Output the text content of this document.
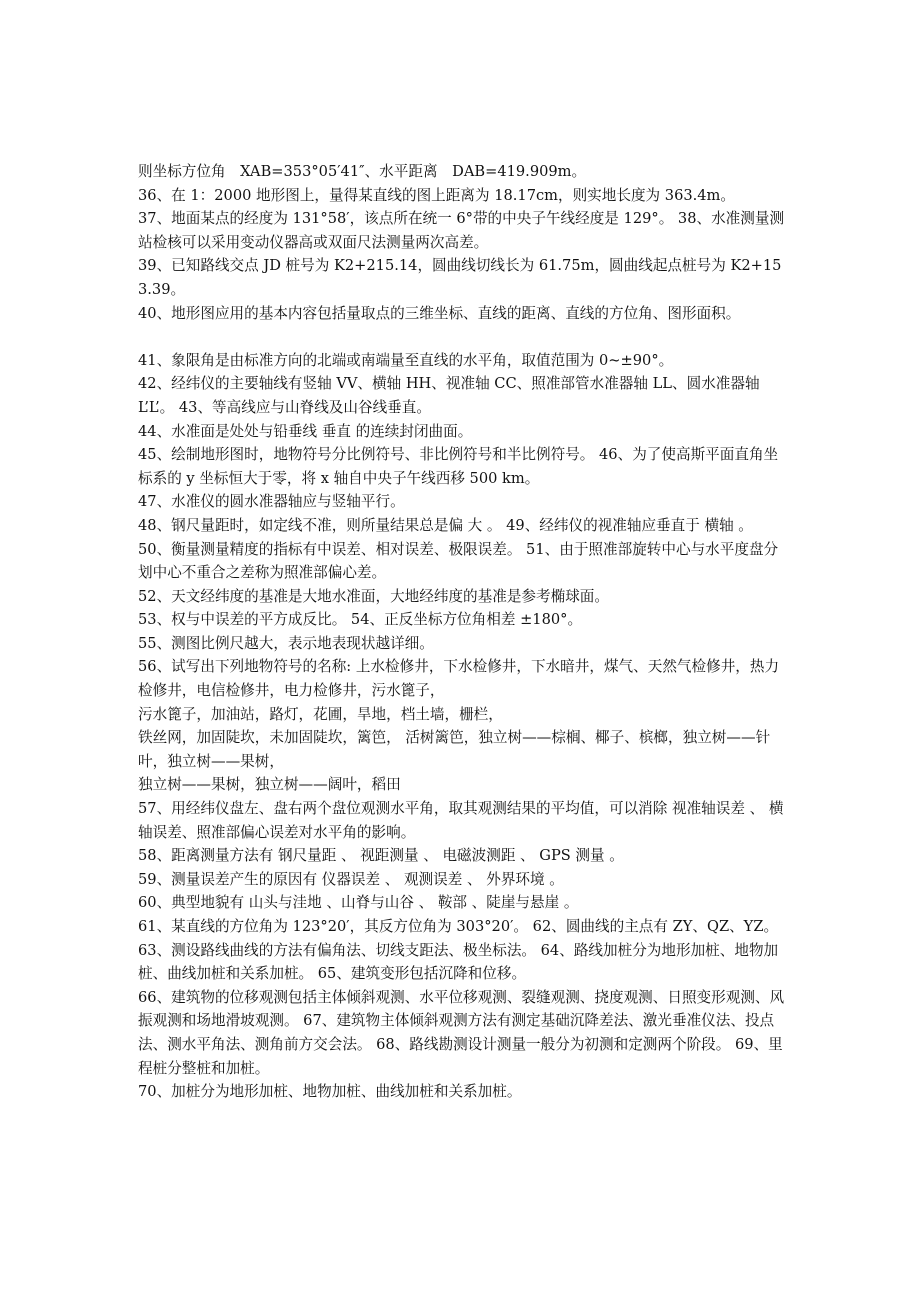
则坐标方位角　XAB=353°05′41″、水平距离　DAB=419.909m。

36、在 1：2000 地形图上，量得某直线的图上距离为 18.17cm，则实地长度为 363.4m。

37、地面某点的经度为 131°58′，该点所在统一 6°带的中央子午线经度是 129°。 38、水准测量测站检核可以采用变动仪器高或双面尺法测量两次高差。

39、已知路线交点 JD 桩号为 K2+215.14，圆曲线切线长为 61.75m，圆曲线起点桩号为 K2+153.39。

40、地形图应用的基本内容包括量取点的三维坐标、直线的距离、直线的方位角、图形面积。

41、象限角是由标准方向的北端或南端量至直线的水平角，取值范围为 0~±90°。

42、经纬仪的主要轴线有竖轴 VV、横轴 HH、视准轴 CC、照准部管水准器轴 LL、圆水准器轴 L’L’。 43、等高线应与山脊线及山谷线垂直。

44、水准面是处处与铅垂线 垂直 的连续封闭曲面。

45、绘制地形图时，地物符号分比例符号、非比例符号和半比例符号。 46、为了使高斯平面直角坐标系的 y 坐标恒大于零，将 x 轴自中央子午线西移 500 km。

47、水准仪的圆水准器轴应与竖轴平行。

48、钢尺量距时，如定线不准，则所量结果总是偏 大 。 49、经纬仪的视准轴应垂直于 横轴 。

50、衡量测量精度的指标有中误差、相对误差、极限误差。 51、由于照准部旋转中心与水平度盘分划中心不重合之差称为照准部偏心差。

52、天文经纬度的基准是大地水准面，大地经纬度的基准是参考椭球面。

53、权与中误差的平方成反比。 54、正反坐标方位角相差 ±180°。

55、测图比例尺越大，表示地表现状越详细。

56、试写出下列地物符号的名称: 上水检修井，下水检修井，下水暗井，煤气、天然气检修井，热力检修井，电信检修井，电力检修井，污水篦子，

污水篦子，加油站，路灯，花圃，旱地，档土墙，栅栏，

铁丝网，加固陡坎，未加固陡坎，篱笆， 活树篱笆，独立树——棕榈、椰子、槟榔，独立树——针叶，独立树——果树，

独立树——果树，独立树——阔叶，稻田

57、用经纬仪盘左、盘右两个盘位观测水平角，取其观测结果的平均值，可以消除 视准轴误差 、 横轴误差、照准部偏心误差对水平角的影响。

58、距离测量方法有 钢尺量距 、 视距测量 、 电磁波测距 、 GPS 测量 。

59、测量误差产生的原因有 仪器误差 、 观测误差 、 外界环境 。

60、典型地貌有 山头与洼地 、山脊与山谷 、 鞍部 、陡崖与悬崖 。

61、某直线的方位角为 123°20′，其反方位角为 303°20′。 62、圆曲线的主点有 ZY、QZ、YZ。

63、测设路线曲线的方法有偏角法、切线支距法、极坐标法。 64、路线加桩分为地形加桩、地物加桩、曲线加桩和关系加桩。 65、建筑变形包括沉降和位移。

66、建筑物的位移观测包括主体倾斜观测、水平位移观测、裂缝观测、挠度观测、日照变形观测、风振观测和场地滑坡观测。 67、建筑物主体倾斜观测方法有测定基础沉降差法、激光垂准仪法、投点法、测水平角法、测角前方交会法。 68、路线勘测设计测量一般分为初测和定测两个阶段。 69、里程桩分整桩和加桩。

70、加桩分为地形加桩、地物加桩、曲线加桩和关系加桩。
